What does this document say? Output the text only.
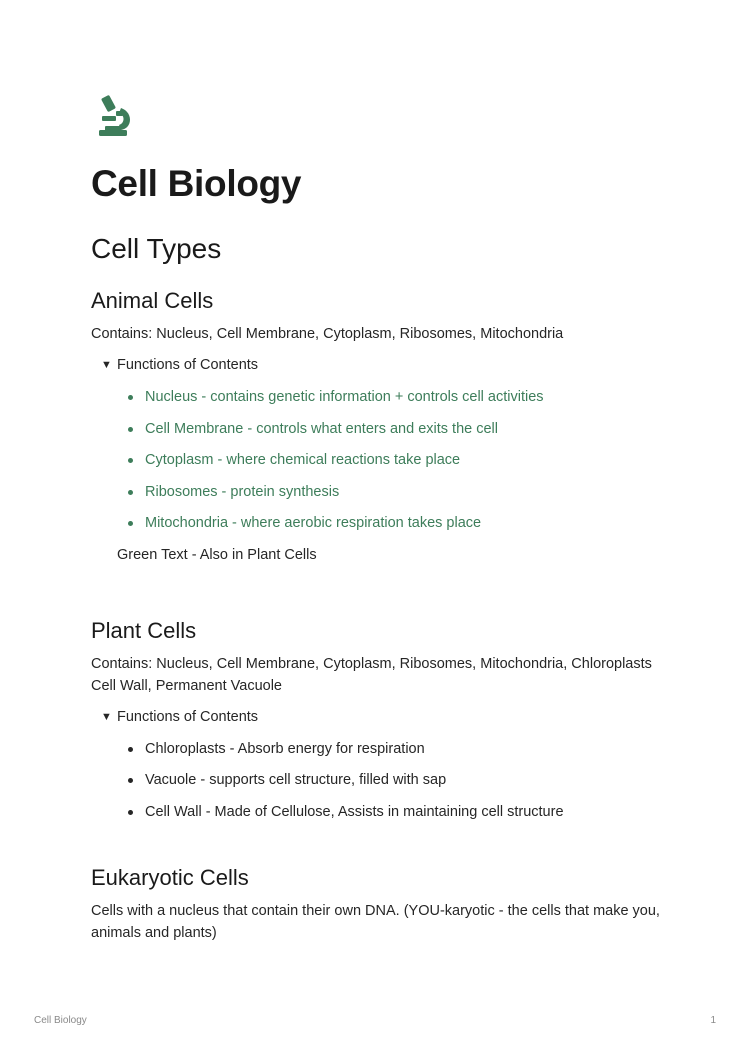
Cell Biology
Cell Types
Animal Cells
Contains: Nucleus, Cell Membrane, Cytoplasm, Ribosomes, Mitochondria
▼ Functions of Contents
Nucleus - contains genetic information + controls cell activities
Cell Membrane - controls what enters and exits the cell
Cytoplasm - where chemical reactions take place
Ribosomes - protein synthesis
Mitochondria - where aerobic respiration takes place
Green Text - Also in Plant Cells
Plant Cells
Contains: Nucleus, Cell Membrane, Cytoplasm, Ribosomes, Mitochondria, Chloroplasts Cell Wall, Permanent Vacuole
▼ Functions of Contents
Chloroplasts - Absorb energy for respiration
Vacuole - supports cell structure, filled with sap
Cell Wall - Made of Cellulose, Assists in maintaining cell structure
Eukaryotic Cells
Cells with a nucleus that contain their own DNA. (YOU-karyotic - the cells that make you, animals and plants)
Cell Biology	1
